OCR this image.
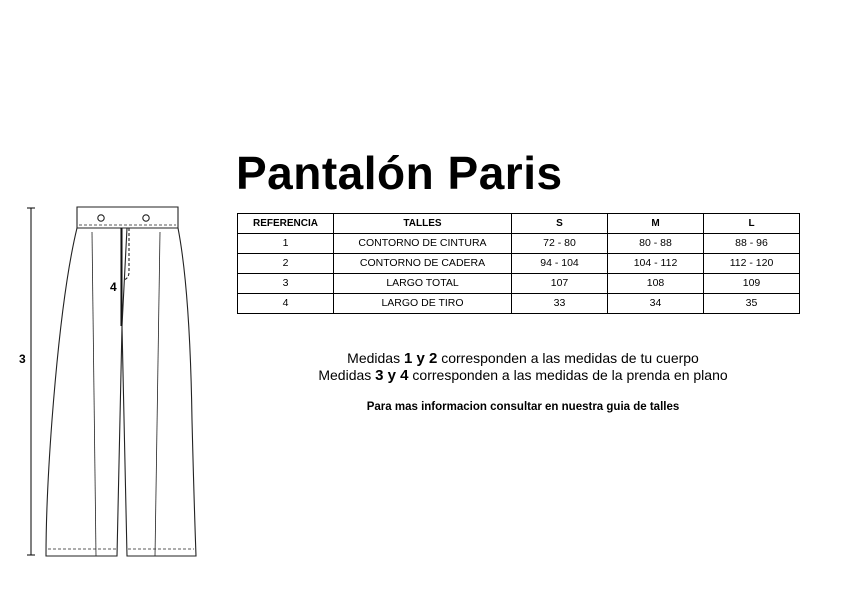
3
4
Pantalón Paris
REFERENCIA	TALLES	S	M	L
1	CONTORNO DE CINTURA	72 - 80	80 - 88	88 - 96
2	CONTORNO DE CADERA	94 - 104	104 - 112	112 - 120
3	LARGO TOTAL	107	108	109
4	LARGO DE TIRO	33	34	35
Medidas 1 y 2 corresponden a las medidas de tu cuerpo
Medidas 3 y 4 corresponden a las medidas de la prenda en plano
Para mas informacion consultar en nuestra guia de talles
